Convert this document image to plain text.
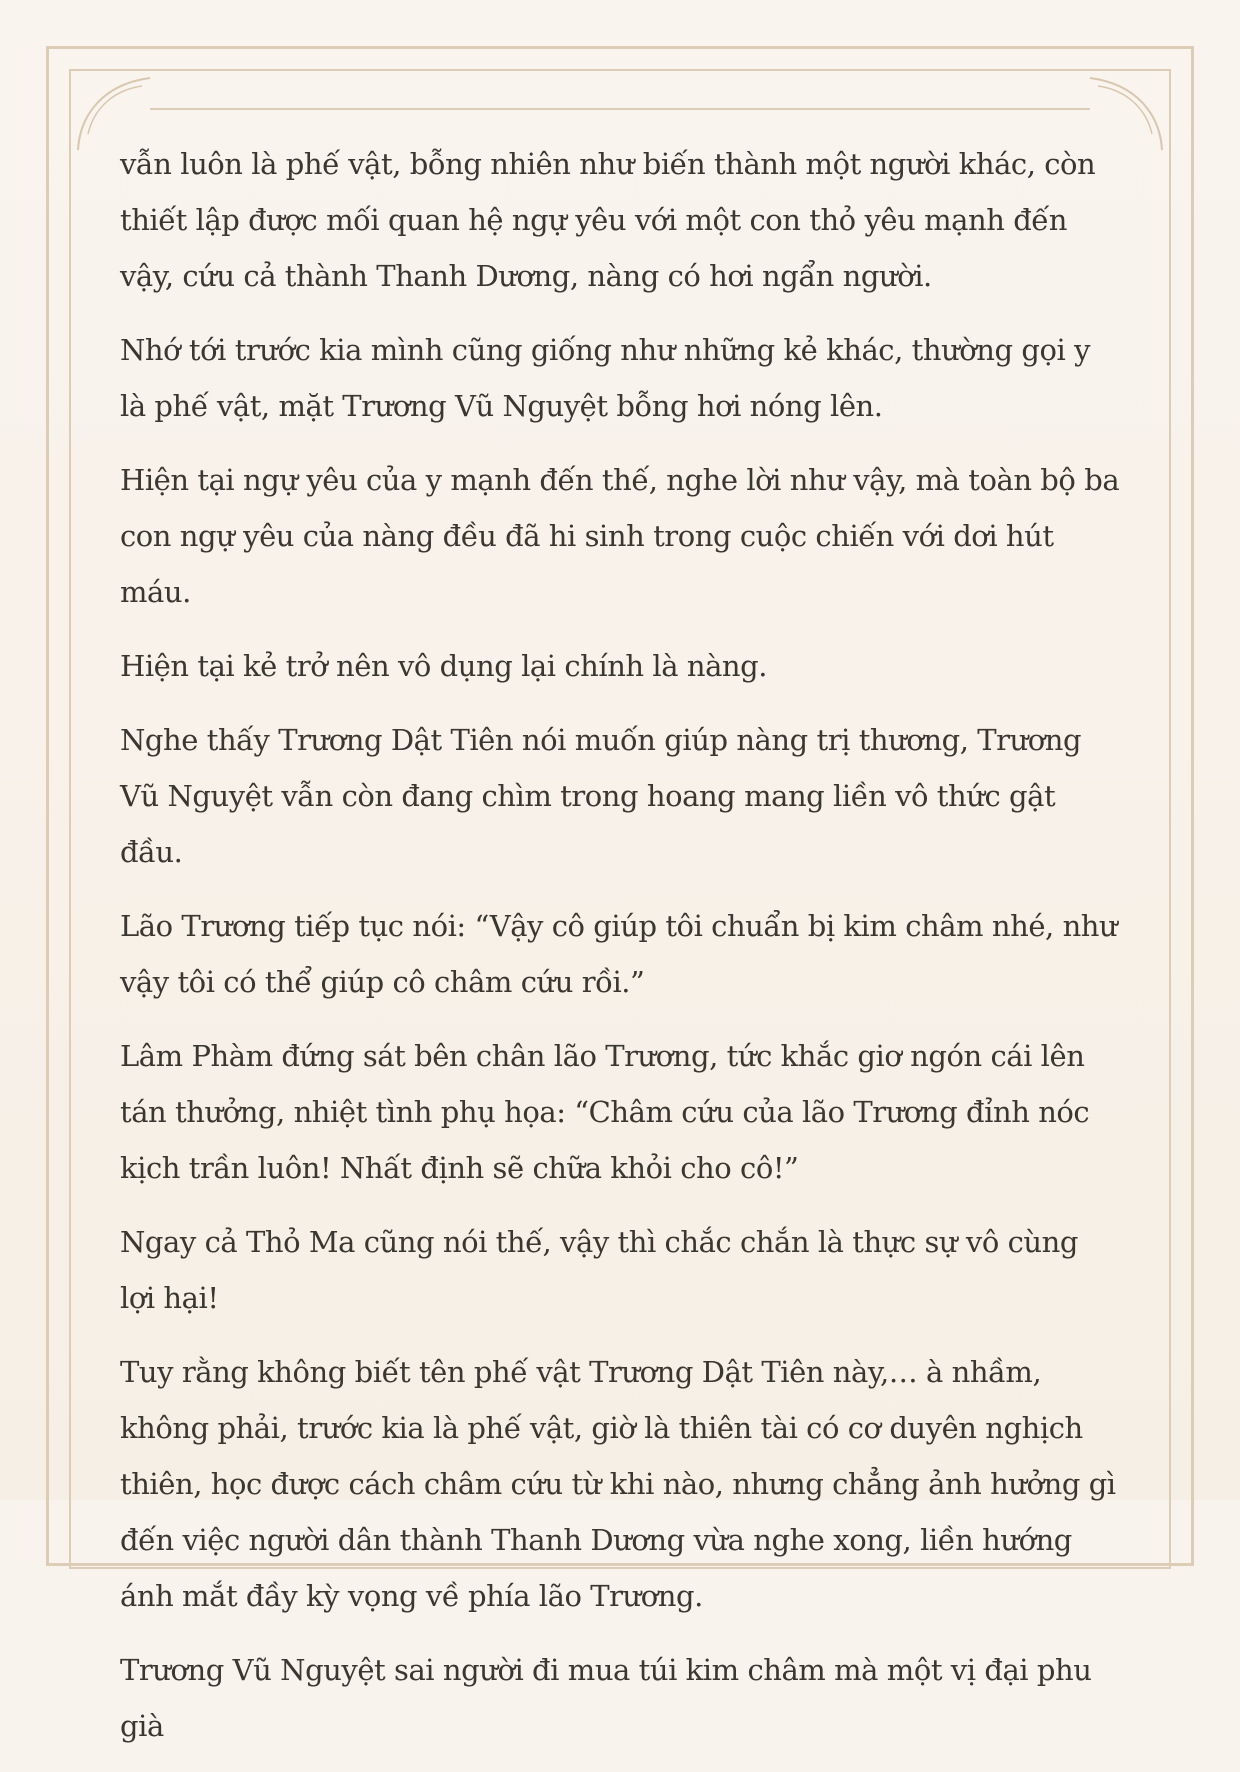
vẫn luôn là phế vật, bỗng nhiên như biến thành một người khác, còn thiết lập được mối quan hệ ngự yêu với một con thỏ yêu mạnh đến vậy, cứu cả thành Thanh Dương, nàng có hơi ngẩn người.

Nhớ tới trước kia mình cũng giống như những kẻ khác, thường gọi y là phế vật, mặt Trương Vũ Nguyệt bỗng hơi nóng lên.

Hiện tại ngự yêu của y mạnh đến thế, nghe lời như vậy, mà toàn bộ ba con ngự yêu của nàng đều đã hi sinh trong cuộc chiến với dơi hút máu.

Hiện tại kẻ trở nên vô dụng lại chính là nàng.

Nghe thấy Trương Dật Tiên nói muốn giúp nàng trị thương, Trương Vũ Nguyệt vẫn còn đang chìm trong hoang mang liền vô thức gật đầu.

Lão Trương tiếp tục nói: “Vậy cô giúp tôi chuẩn bị kim châm nhé, như vậy tôi có thể giúp cô châm cứu rồi.”

Lâm Phàm đứng sát bên chân lão Trương, tức khắc giơ ngón cái lên tán thưởng, nhiệt tình phụ họa: “Châm cứu của lão Trương đỉnh nóc kịch trần luôn! Nhất định sẽ chữa khỏi cho cô!”

Ngay cả Thỏ Ma cũng nói thế, vậy thì chắc chắn là thực sự vô cùng lợi hại!

Tuy rằng không biết tên phế vật Trương Dật Tiên này,… à nhầm, không phải, trước kia là phế vật, giờ là thiên tài có cơ duyên nghịch thiên, học được cách châm cứu từ khi nào, nhưng chẳng ảnh hưởng gì đến việc người dân thành Thanh Dương vừa nghe xong, liền hướng ánh mắt đầy kỳ vọng về phía lão Trương.

Trương Vũ Nguyệt sai người đi mua túi kim châm mà một vị đại phu già
